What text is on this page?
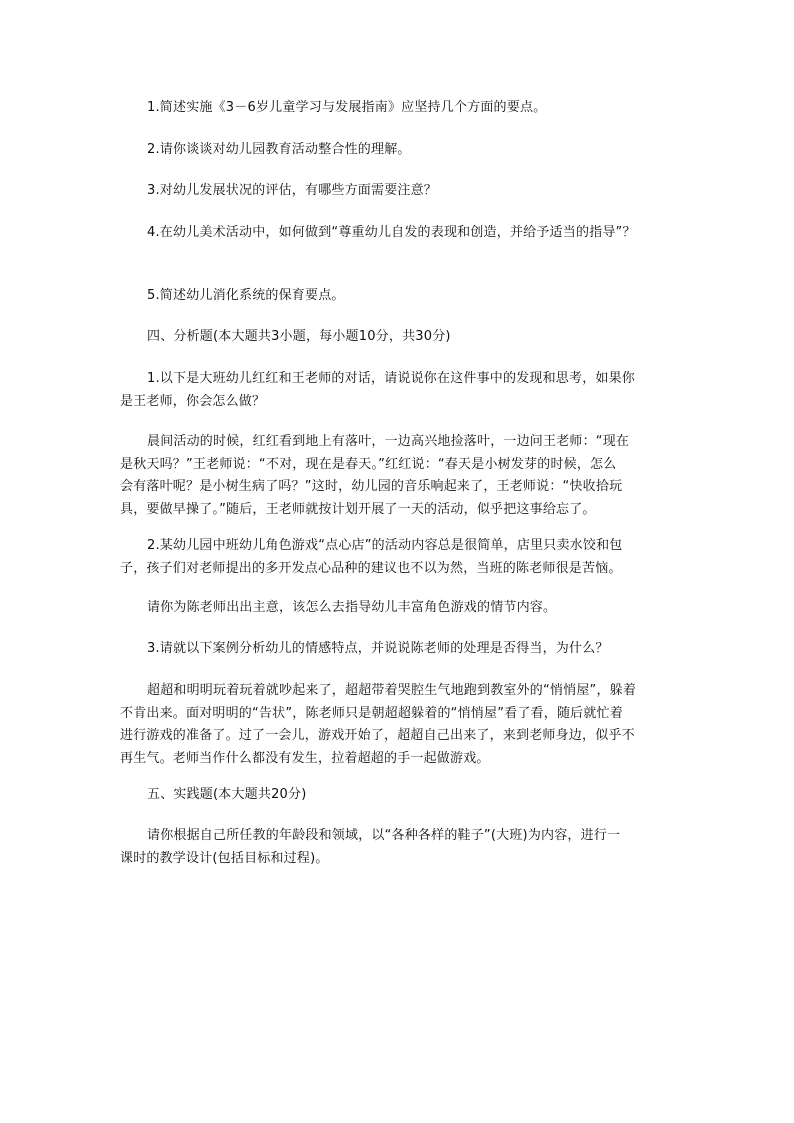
1.简述实施《3－6岁儿童学习与发展指南》应坚持几个方面的要点。
2.请你谈谈对幼儿园教育活动整合性的理解。
3.对幼儿发展状况的评估，有哪些方面需要注意？
4.在幼儿美术活动中，如何做到“尊重幼儿自发的表现和创造，并给予适当的指导”？
5.简述幼儿消化系统的保育要点。
四、分析题(本大题共3小题，每小题10分，共30分)
1.以下是大班幼儿红红和王老师的对话，请说说你在这件事中的发现和思考，如果你
是王老师，你会怎么做？
晨间活动的时候，红红看到地上有落叶，一边高兴地捡落叶，一边问王老师：“现在
是秋天吗？”王老师说：“不对，现在是春天。”红红说：“春天是小树发芽的时候，怎么
会有落叶呢？是小树生病了吗？”这时，幼儿园的音乐响起来了，王老师说：“快收拾玩
具，要做早操了。”随后，王老师就按计划开展了一天的活动，似乎把这事给忘了。
2.某幼儿园中班幼儿角色游戏“点心店”的活动内容总是很简单，店里只卖水饺和包
子，孩子们对老师提出的多开发点心品种的建议也不以为然，当班的陈老师很是苦恼。
请你为陈老师出出主意，该怎么去指导幼儿丰富角色游戏的情节内容。
3.请就以下案例分析幼儿的情感特点，并说说陈老师的处理是否得当，为什么？
超超和明明玩着玩着就吵起来了，超超带着哭腔生气地跑到教室外的“悄悄屋”，躲着
不肯出来。面对明明的“告状”，陈老师只是朝超超躲着的“悄悄屋”看了看，随后就忙着
进行游戏的准备了。过了一会儿，游戏开始了，超超自己出来了，来到老师身边，似乎不
再生气。老师当作什么都没有发生，拉着超超的手一起做游戏。
五、实践题(本大题共20分)
请你根据自己所任教的年龄段和领域，以“各种各样的鞋子”(大班)为内容，进行一
课时的教学设计(包括目标和过程)。
